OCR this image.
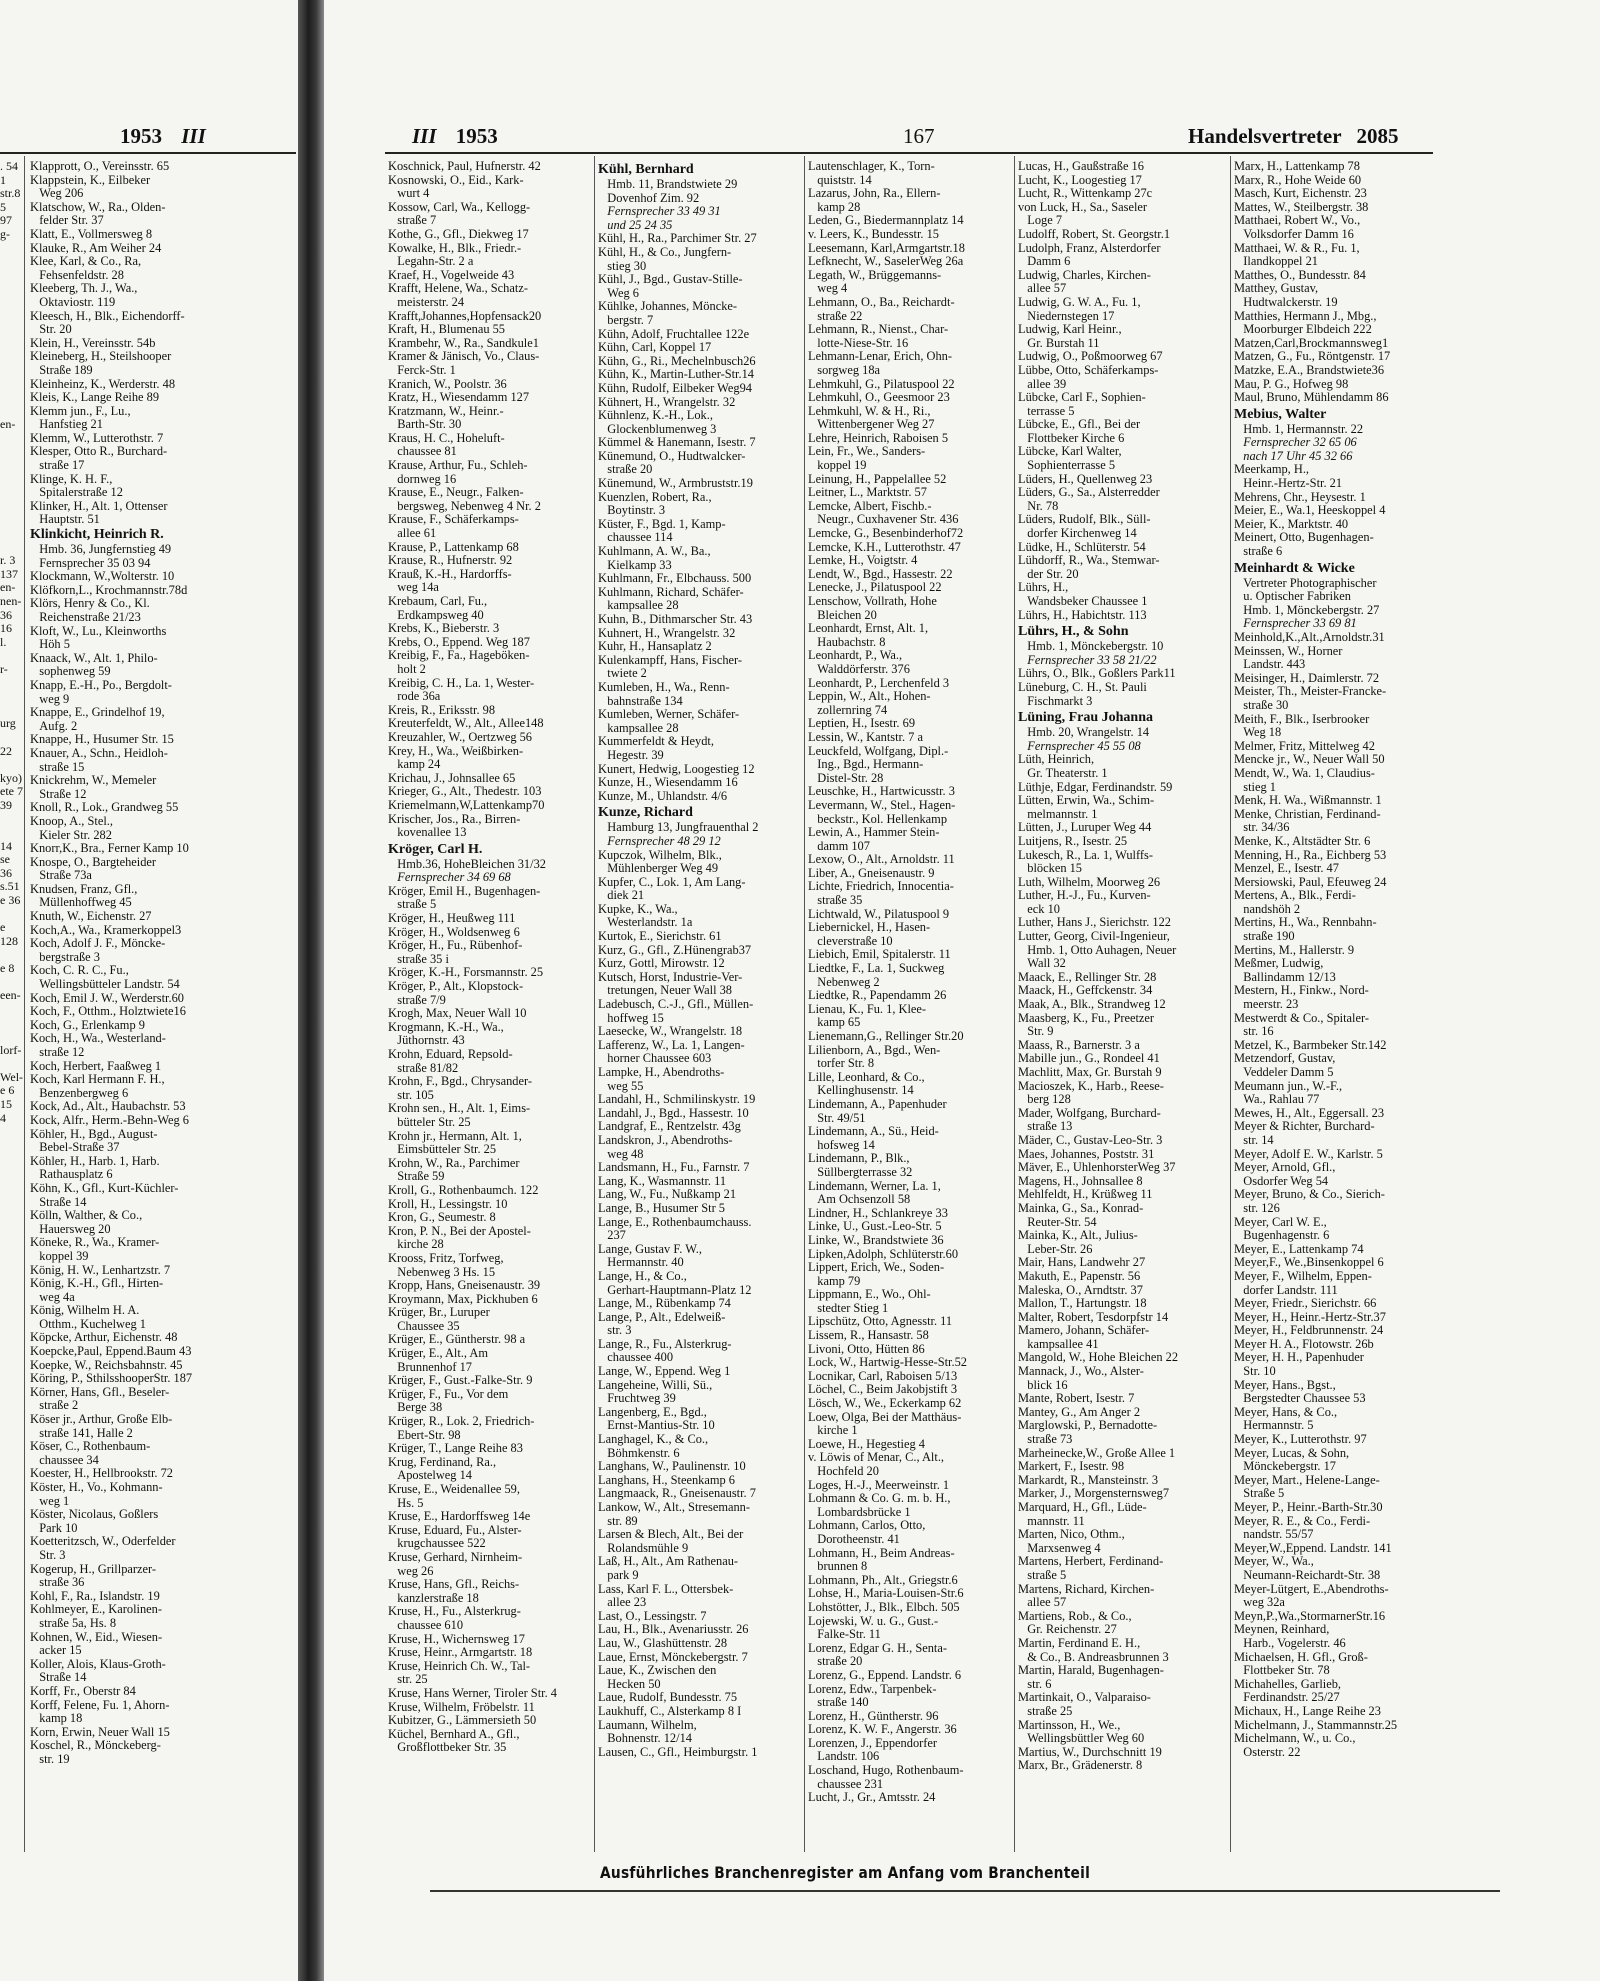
1953 III
Klapprott, O., Vereinsstr. 65
Klappstein, K., Eilbeker
Weg 206
Klatschow, W., Ra., Olden-
felder Str. 37
Klatt, E., Vollmersweg 8
Klauke, R., Am Weiher 24
Klee, Karl, & Co., Ra,
Fehsenfeldstr. 28
Kleeberg, Th. J., Wa.,
Oktaviostr. 119
Kleesch, H., Blk., Eichendorff-
Str. 20
Klein, H., Vereinsstr. 54b
Kleineberg, H., Steilshooper
Straße 189
Kleinheinz, K., Werderstr. 48
Kleis, K., Lange Reihe 89
Klemm jun., F., Lu.,
Hanfstieg 21
Klemm, W., Lutterothstr. 7
Klesper, Otto R., Burchard-
straße 17
Klinge, K. H. F.,
Spitalerstraße 12
Klinker, H., Alt. 1, Ottenser
Hauptstr. 51
Klinkicht, Heinrich R.
Hmb. 36, Jungfernstieg 49
Fernsprecher 35 03 94
Klockmann, W.,Wolterstr. 10
Klöfkorn,L., Krochmannstr.78d
Klörs, Henry & Co., Kl.
Reichenstraße 21/23
Kloft, W., Lu., Kleinworths
Höh 5
Knaack, W., Alt. 1, Philo-
sophenweg 59
Knapp, E.-H., Po., Bergdolt-
weg 9
Knappe, E., Grindelhof 19,
Aufg. 2
Knappe, H., Husumer Str. 15
Knauer, A., Schn., Heidloh-
straße 15
Knickrehm, W., Memeler
Straße 12
Knoll, R., Lok., Grandweg 55
Knoop, A., Stel.,
Kieler Str. 282
Knorr,K., Bra., Ferner Kamp 10
Knospe, O., Bargteheider
Straße 73a
Knudsen, Franz, Gfl.,
Müllenhoffweg 45
Knuth, W., Eichenstr. 27
Koch,A., Wa., Kramerkoppel3
Koch, Adolf J. F., Möncke-
bergstraße 3
Koch, C. R. C., Fu.,
Wellingsbütteler Landstr. 54
Koch, Emil J. W., Werderstr.60
Koch, F., Otthm., Holztwiete16
Koch, G., Erlenkamp 9
Koch, H., Wa., Westerland-
straße 12
Koch, Herbert, Faaßweg 1
Koch, Karl Hermann F. H.,
Benzenbergweg 6
Kock, Ad., Alt., Haubachstr. 53
Kock, Alfr., Herm.-Behn-Weg 6
Köhler, H., Bgd., August-
Bebel-Straße 37
Köhler, H., Harb. 1, Harb.
Rathausplatz 6
Köhn, K., Gfl., Kurt-Küchler-
Straße 14
Kölln, Walther, & Co.,
Hauersweg 20
Köneke, R., Wa., Kramer-
koppel 39
König, H. W., Lenhartzstr. 7
König, K.-H., Gfl., Hirten-
weg 4a
König, Wilhelm H. A.
Otthm., Kuchelweg 1
Köpcke, Arthur, Eichenstr. 48
Koepcke,Paul, Eppend.Baum 43
Koepke, W., Reichsbahnstr. 45
Köring, P., SthilsshooperStr. 187
Körner, Hans, Gfl., Beseler-
straße 2
Köser jr., Arthur, Große Elb-
straße 141, Halle 2
Köser, C., Rothenbaum-
chaussee 34
Koester, H., Hellbrookstr. 72
Köster, H., Vo., Kohmann-
weg 1
Köster, Nicolaus, Goßlers
Park 10
Koetteritzsch, W., Oderfelder
Str. 3
Kogerup, H., Grillparzer-
straße 36
Kohl, F., Ra., Islandstr. 19
Kohlmeyer, E., Karolinen-
straße 5a, Hs. 8
Kohnen, W., Eid., Wiesen-
acker 15
Koller, Alois, Klaus-Groth-
Straße 14
Korff, Fr., Oberstr 84
Korff, Felene, Fu. 1, Ahorn-
kamp 18
Korn, Erwin, Neuer Wall 15
Koschel, R., Mönckeberg-
str. 19
. 54
1
str.8
5
97
g-

en-

r. 3
137
en-
nen-
36
16
l.

r-

urg

22

kyo)
ete 7
39

14
se 36
s.51
e 36

e 128

e 8

een-

lorf-

Wel-
e 6
15
4
III 1953	167	Handelsvertreter 2085
Koschnick, Paul, Hufnerstr. 42
Kosnowski, O., Eid., Kark-
wurt 4
Kossow, Carl, Wa., Kellogg-
straße 7
Kothe, G., Gfl., Diekweg 17
Kowalke, H., Blk., Friedr.-
Legahn-Str. 2 a
Kraef, H., Vogelweide 43
Krafft, Helene, Wa., Schatz-
meisterstr. 24
Krafft,Johannes,Hopfensack20
Kraft, H., Blumenau 55
Krambehr, W., Ra., Sandkule1
Kramer & Jänisch, Vo., Claus-
Ferck-Str. 1
Kranich, W., Poolstr. 36
Kratz, H., Wiesendamm 127
Kratzmann, W., Heinr.-
Barth-Str. 30
Kraus, H. C., Hoheluft-
chaussee 81
Krause, Arthur, Fu., Schleh-
dornweg 16
Krause, E., Neugr., Falken-
bergsweg, Nebenweg 4 Nr. 2
Krause, F., Schäferkamps-
allee 61
Krause, P., Lattenkamp 68
Krause, R., Hufnerstr. 92
Krauß, K.-H., Hardorffs-
weg 14a
Krebaum, Carl, Fu.,
Erdkampsweg 40
Krebs, K., Bieberstr. 3
Krebs, O., Eppend. Weg 187
Kreibig, F., Fa., Hageböken-
holt 2
Kreibig, C. H., La. 1, Wester-
rode 36a
Kreis, R., Eriksstr. 98
Kreuterfeldt, W., Alt., Allee148
Kreuzahler, W., Oertzweg 56
Krey, H., Wa., Weißbirken-
kamp 24
Krichau, J., Johnsallee 65
Krieger, G., Alt., Thedestr. 103
Kriemelmann,W,Lattenkamp70
Krischer, Jos., Ra., Birren-
kovenallee 13
Kröger, Carl H.
Hmb.36, HoheBleichen 31/32
Fernsprecher 34 69 68
Kröger, Emil H., Bugenhagen-
straße 5
Kröger, H., Heußweg 111
Kröger, H., Woldsenweg 6
Kröger, H., Fu., Rübenhof-
straße 35 i
Kröger, K.-H., Forsmannstr. 25
Kröger, P., Alt., Klopstock-
straße 7/9
Krogh, Max, Neuer Wall 10
Krogmann, K.-H., Wa.,
Jüthornstr. 43
Krohn, Eduard, Repsold-
straße 81/82
Krohn, F., Bgd., Chrysander-
str. 105
Krohn sen., H., Alt. 1, Eims-
bütteler Str. 25
Krohn jr., Hermann, Alt. 1,
Eimsbütteler Str. 25
Krohn, W., Ra., Parchimer
Straße 59
Kroll, G., Rothenbaumch. 122
Kroll, H., Lessingstr. 10
Kron, G., Seumestr. 8
Kron, P. N., Bei der Apostel-
kirche 28
Krooss, Fritz, Torfweg,
Nebenweg 3 Hs. 15
Kropp, Hans, Gneisenaustr. 39
Kroymann, Max, Pickhuben 6
Krüger, Br., Luruper
Chaussee 35
Krüger, E., Güntherstr. 98 a
Krüger, E., Alt., Am
Brunnenhof 17
Krüger, F., Gust.-Falke-Str. 9
Krüger, F., Fu., Vor dem
Berge 38
Krüger, R., Lok. 2, Friedrich-
Ebert-Str. 98
Krüger, T., Lange Reihe 83
Krug, Ferdinand, Ra.,
Apostelweg 14
Kruse, E., Weidenallee 59,
Hs. 5
Kruse, E., Hardorffsweg 14e
Kruse, Eduard, Fu., Alster-
krugchaussee 522
Kruse, Gerhard, Nirnheim-
weg 26
Kruse, Hans, Gfl., Reichs-
kanzlerstraße 18
Kruse, H., Fu., Alsterkrug-
chaussee 610
Kruse, H., Wichernsweg 17
Kruse, Heinr., Armgartstr. 18
Kruse, Heinrich Ch. W., Tal-
str. 25
Kruse, Hans Werner, Tiroler Str. 4
Kruse, Wilhelm, Fröbelstr. 11
Kubitzer, G., Lämmersieth 50
Küchel, Bernhard A., Gfl.,
Großflottbeker Str. 35
Kühl, Bernhard
Hmb. 11, Brandstwiete 29
Dovenhof Zim. 92
Fernsprecher 33 49 31
und 25 24 35
Kühl, H., Ra., Parchimer Str. 27
Kühl, H., & Co., Jungfern-
stieg 30
Kühl, J., Bgd., Gustav-Stille-
Weg 6
Kühlke, Johannes, Möncke-
bergstr. 7
Kühn, Adolf, Fruchtallee 122e
Kühn, Carl, Koppel 17
Kühn, G., Ri., Mechelnbusch26
Kühn, K., Martin-Luther-Str.14
Kühn, Rudolf, Eilbeker Weg94
Kühnert, H., Wrangelstr. 32
Kühnlenz, K.-H., Lok.,
Glockenblumenweg 3
Kümmel & Hanemann, Isestr. 7
Künemund, O., Hudtwalcker-
straße 20
Künemund, W., Armbruststr.19
Kuenzlen, Robert, Ra.,
Boytinstr. 3
Küster, F., Bgd. 1, Kamp-
chaussee 114
Kuhlmann, A. W., Ba.,
Kielkamp 33
Kuhlmann, Fr., Elbchauss. 500
Kuhlmann, Richard, Schäfer-
kampsallee 28
Kuhn, B., Dithmarscher Str. 43
Kuhnert, H., Wrangelstr. 32
Kuhr, H., Hansaplatz 2
Kulenkampff, Hans, Fischer-
twiete 2
Kumleben, H., Wa., Renn-
bahnstraße 134
Kumleben, Werner, Schäfer-
kampsallee 28
Kummerfeldt & Heydt,
Hegestr. 39
Kunert, Hedwig, Loogestieg 12
Kunze, H., Wiesendamm 16
Kunze, M., Uhlandstr. 4/6
Kunze, Richard
Hamburg 13, Jungfrauenthal 2
Fernsprecher 48 29 12
Kupczok, Wilhelm, Blk.,
Mühlenberger Weg 49
Kupfer, C., Lok. 1, Am Lang-
diek 21
Kupke, K., Wa.,
Westerlandstr. 1a
Kurtok, E., Sierichstr. 61
Kurz, G., Gfl., Z.Hünengrab37
Kurz, Gottl, Mirowstr. 12
Kutsch, Horst, Industrie-Ver-
tretungen, Neuer Wall 38
Ladebusch, C.-J., Gfl., Müllen-
hoffweg 15
Laesecke, W., Wrangelstr. 18
Lafferenz, W., La. 1, Langen-
horner Chaussee 603
Lampke, H., Abendroths-
weg 55
Landahl, H., Schmilinskystr. 19
Landahl, J., Bgd., Hassestr. 10
Landgraf, E., Rentzelstr. 43g
Landskron, J., Abendroths-
weg 48
Landsmann, H., Fu., Farnstr. 7
Lang, K., Wasmannstr. 11
Lang, W., Fu., Nußkamp 21
Lange, B., Husumer Str 5
Lange, E., Rothenbaumchauss.
237
Lange, Gustav F. W.,
Hermannstr. 40
Lange, H., & Co.,
Gerhart-Hauptmann-Platz 12
Lange, M., Rübenkamp 74
Lange, P., Alt., Edelweiß-
str. 3
Lange, R., Fu., Alsterkrug-
chaussee 400
Lange, W., Eppend. Weg 1
Langeheine, Willi, Sü.,
Fruchtweg 39
Langenberg, E., Bgd.,
Ernst-Mantius-Str. 10
Langhagel, K., & Co.,
Böhmkenstr. 6
Langhans, W., Paulinenstr. 10
Langhans, H., Steenkamp 6
Langmaack, R., Gneisenaustr. 7
Lankow, W., Alt., Stresemann-
str. 89
Larsen & Blech, Alt., Bei der
Rolandsmühle 9
Laß, H., Alt., Am Rathenau-
park 9
Lass, Karl F. L., Ottersbek-
allee 23
Last, O., Lessingstr. 7
Lau, H., Blk., Avenariusstr. 26
Lau, W., Glashüttenstr. 28
Laue, Ernst, Mönckebergstr. 7
Laue, K., Zwischen den
Hecken 50
Laue, Rudolf, Bundesstr. 75
Laukhuff, C., Alsterkamp 8 I
Laumann, Wilhelm,
Bohnenstr. 12/14
Lausen, C., Gfl., Heimburgstr. 1
Lautenschlager, K., Torn-
quiststr. 14
Lazarus, John, Ra., Ellern-
kamp 28
Leden, G., Biedermannplatz 14
v. Leers, K., Bundesstr. 15
Leesemann, Karl,Armgartstr.18
Lefknecht, W., SaselerWeg 26a
Legath, W., Brüggemanns-
weg 4
Lehmann, O., Ba., Reichardt-
straße 22
Lehmann, R., Nienst., Char-
lotte-Niese-Str. 16
Lehmann-Lenar, Erich, Ohn-
sorgweg 18a
Lehmkuhl, G., Pilatuspool 22
Lehmkuhl, O., Geesmoor 23
Lehmkuhl, W. & H., Ri.,
Wittenbergener Weg 27
Lehre, Heinrich, Raboisen 5
Lein, Fr., We., Sanders-
koppel 19
Leinung, H., Pappelallee 52
Leitner, L., Marktstr. 57
Lemcke, Albert, Fischb.-
Neugr., Cuxhavener Str. 436
Lemcke, G., Besenbinderhof72
Lemcke, K.H., Lutterothstr. 47
Lemke, H., Voigtstr. 4
Lendt, W., Bgd., Hassestr. 22
Lenecke, J., Pilatuspool 22
Lenschow, Vollrath, Hohe
Bleichen 20
Leonhardt, Ernst, Alt. 1,
Haubachstr. 8
Leonhardt, P., Wa.,
Walddörferstr. 376
Leonhardt, P., Lerchenfeld 3
Leppin, W., Alt., Hohen-
zollernring 74
Leptien, H., Isestr. 69
Lessin, W., Kantstr. 7 a
Leuckfeld, Wolfgang, Dipl.-
Ing., Bgd., Hermann-
Distel-Str. 28
Leuschke, H., Hartwicusstr. 3
Levermann, W., Stel., Hagen-
beckstr., Kol. Hellenkamp
Lewin, A., Hammer Stein-
damm 107
Lexow, O., Alt., Arnoldstr. 11
Liber, A., Gneisenaustr. 9
Lichte, Friedrich, Innocentia-
straße 35
Lichtwald, W., Pilatuspool 9
Liebernickel, H., Hasen-
cleverstraße 10
Liebich, Emil, Spitalerstr. 11
Liedtke, F., La. 1, Suckweg
Nebenweg 2
Liedtke, R., Papendamm 26
Lienau, K., Fu. 1, Klee-
kamp 65
Lienemann,G., Rellinger Str.20
Lilienborn, A., Bgd., Wen-
torfer Str. 8
Lille, Leonhard, & Co.,
Kellinghusenstr. 14
Lindemann, A., Papenhuder
Str. 49/51
Lindemann, A., Sü., Heid-
hofsweg 14
Lindemann, P., Blk.,
Süllbergterrasse 32
Lindemann, Werner, La. 1,
Am Ochsenzoll 58
Lindner, H., Schlankreye 33
Linke, U., Gust.-Leo-Str. 5
Linke, W., Brandstwiete 36
Lipken,Adolph, Schlüterstr.60
Lippert, Erich, We., Soden-
kamp 79
Lippmann, E., Wo., Ohl-
stedter Stieg 1
Lipschütz, Otto, Agnesstr. 11
Lissem, R., Hansastr. 58
Livoni, Otto, Hütten 86
Lock, W., Hartwig-Hesse-Str.52
Locnikar, Carl, Raboisen 5/13
Löchel, C., Beim Jakobjstift 3
Lösch, W., We., Eckerkamp 62
Loew, Olga, Bei der Matthäus-
kirche 1
Loewe, H., Hegestieg 4
v. Löwis of Menar, C., Alt.,
Hochfeld 20
Loges, H.-J., Meerweinstr. 1
Lohmann & Co. G. m. b. H.,
Lombardsbrücke 1
Lohmann, Carlos, Otto,
Dorotheenstr. 41
Lohmann, H., Beim Andreas-
brunnen 8
Lohmann, Ph., Alt., Griegstr.6
Lohse, H., Maria-Louisen-Str.6
Lohstötter, J., Blk., Elbch. 505
Lojewski, W. u. G., Gust.-
Falke-Str. 11
Lorenz, Edgar G. H., Senta-
straße 20
Lorenz, G., Eppend. Landstr. 6
Lorenz, Edw., Tarpenbek-
straße 140
Lorenz, H., Güntherstr. 96
Lorenz, K. W. F., Angerstr. 36
Lorenzen, J., Eppendorfer
Landstr. 106
Loschand, Hugo, Rothenbaum-
chaussee 231
Lucht, J., Gr., Amtsstr. 24
Lucas, H., Gaußstraße 16
Lucht, K., Loogestieg 17
Lucht, R., Wittenkamp 27c
von Luck, H., Sa., Saseler
Loge 7
Ludolff, Robert, St. Georgstr.1
Ludolph, Franz, Alsterdorfer
Damm 6
Ludwig, Charles, Kirchen-
allee 57
Ludwig, G. W. A., Fu. 1,
Niedernstegen 17
Ludwig, Karl Heinr.,
Gr. Burstah 11
Ludwig, O., Poßmoorweg 67
Lübbe, Otto, Schäferkamps-
allee 39
Lübcke, Carl F., Sophien-
terrasse 5
Lübcke, E., Gfl., Bei der
Flottbeker Kirche 6
Lübcke, Karl Walter,
Sophienterrasse 5
Lüders, H., Quellenweg 23
Lüders, G., Sa., Alsterredder
Nr. 78
Lüders, Rudolf, Blk., Süll-
dorfer Kirchenweg 14
Lüdke, H., Schlüterstr. 54
Lühdorff, R., Wa., Stemwar-
der Str. 20
Lührs, H.,
Wandsbeker Chaussee 1
Lührs, H., Habichtstr. 113
Lührs, H., & Sohn
Hmb. 1, Mönckebergstr. 10
Fernsprecher 33 58 21/22
Lührs, O., Blk., Goßlers Park11
Lüneburg, C. H., St. Pauli
Fischmarkt 3
Lüning, Frau Johanna
Hmb. 20, Wrangelstr. 14
Fernsprecher 45 55 08
Lüth, Heinrich,
Gr. Theaterstr. 1
Lüthje, Edgar, Ferdinandstr. 59
Lütten, Erwin, Wa., Schim-
melmannstr. 1
Lütten, J., Luruper Weg 44
Luitjens, R., Isestr. 25
Lukesch, R., La. 1, Wulffs-
blöcken 15
Luth, Wilhelm, Moorweg 26
Luther, H.-J., Fu., Kurven-
eck 10
Luther, Hans J., Sierichstr. 122
Lutter, Georg, Civil-Ingenieur,
Hmb. 1, Otto Auhagen, Neuer
Wall 32
Maack, E., Rellinger Str. 28
Maack, H., Geffckenstr. 34
Maak, A., Blk., Strandweg 12
Maasberg, K., Fu., Preetzer
Str. 9
Maass, R., Barnerstr. 3 a
Mabille jun., G., Rondeel 41
Machlitt, Max, Gr. Burstah 9
Macioszek, K., Harb., Reese-
berg 128
Mader, Wolfgang, Burchard-
straße 13
Mäder, C., Gustav-Leo-Str. 3
Maes, Johannes, Poststr. 31
Mäver, E., UhlenhorsterWeg 37
Magens, H., Johnsallee 8
Mehlfeldt, H., Krüßweg 11
Mainka, G., Sa., Konrad-
Reuter-Str. 54
Mainka, K., Alt., Julius-
Leber-Str. 26
Mair, Hans, Landwehr 27
Makuth, E., Papenstr. 56
Maleska, O., Arndtstr. 37
Mallon, T., Hartungstr. 18
Malter, Robert, Tesdorpfstr 14
Mamero, Johann, Schäfer-
kampsallee 41
Mangold, W., Hohe Bleichen 22
Mannack, J., Wo., Alster-
blick 16
Mante, Robert, Isestr. 7
Mantey, G., Am Anger 2
Marglowski, P., Bernadotte-
straße 73
Marheinecke,W., Große Allee 1
Markert, F., Isestr. 98
Markardt, R., Mansteinstr. 3
Marker, J., Morgensternsweg7
Marquard, H., Gfl., Lüde-
mannstr. 11
Marten, Nico, Othm.,
Marxsenweg 4
Martens, Herbert, Ferdinand-
straße 5
Martens, Richard, Kirchen-
allee 57
Martiens, Rob., & Co.,
Gr. Reichenstr. 27
Martin, Ferdinand E. H.,
& Co., B. Andreasbrunnen 3
Martin, Harald, Bugenhagen-
str. 6
Martinkait, O., Valparaiso-
straße 25
Martinsson, H., We.,
Wellingsbüttler Weg 60
Martius, W., Durchschnitt 19
Marx, Br., Grädenerstr. 8
Marx, H., Lattenkamp 78
Marx, R., Hohe Weide 60
Masch, Kurt, Eichenstr. 23
Mattes, W., Steilbergstr. 38
Matthaei, Robert W., Vo.,
Volksdorfer Damm 16
Matthaei, W. & R., Fu. 1,
Ilandkoppel 21
Matthes, O., Bundesstr. 84
Matthey, Gustav,
Hudtwalckerstr. 19
Matthies, Hermann J., Mbg.,
Moorburger Elbdeich 222
Matzen,Carl,Brockmannsweg1
Matzen, G., Fu., Röntgenstr. 17
Matzke, E.A., Brandstwiete36
Mau, P. G., Hofweg 98
Maul, Bruno, Mühlendamm 86
Mebius, Walter
Hmb. 1, Hermannstr. 22
Fernsprecher 32 65 06
nach 17 Uhr 45 32 66
Meerkamp, H.,
Heinr.-Hertz-Str. 21
Mehrens, Chr., Heysestr. 1
Meier, E., Wa.1, Heeskoppel 4
Meier, K., Marktstr. 40
Meinert, Otto, Bugenhagen-
straße 6
Meinhardt & Wicke
Vertreter Photographischer
u. Optischer Fabriken
Hmb. 1, Mönckebergstr. 27
Fernsprecher 33 69 81
Meinhold,K.,Alt.,Arnoldstr.31
Meinssen, W., Horner
Landstr. 443
Meisinger, H., Daimlerstr. 72
Meister, Th., Meister-Francke-
straße 30
Meith, F., Blk., Iserbrooker
Weg 18
Melmer, Fritz, Mittelweg 42
Mencke jr., W., Neuer Wall 50
Mendt, W., Wa. 1, Claudius-
stieg 1
Menk, H. Wa., Wißmannstr. 1
Menke, Christian, Ferdinand-
str. 34/36
Menke, K., Altstädter Str. 6
Menning, H., Ra., Eichberg 53
Menzel, E., Isestr. 47
Mersiowski, Paul, Efeuweg 24
Mertens, A., Blk., Ferdi-
nandshöh 2
Mertins, H., Wa., Rennbahn-
straße 190
Mertins, M., Hallerstr. 9
Meßmer, Ludwig,
Ballindamm 12/13
Mestern, H., Finkw., Nord-
meerstr. 23
Mestwerdt & Co., Spitaler-
str. 16
Metzel, K., Barmbeker Str.142
Metzendorf, Gustav,
Veddeler Damm 5
Meumann jun., W.-F.,
Wa., Rahlau 77
Mewes, H., Alt., Eggersall. 23
Meyer & Richter, Burchard-
str. 14
Meyer, Adolf E. W., Karlstr. 5
Meyer, Arnold, Gfl.,
Osdorfer Weg 54
Meyer, Bruno, & Co., Sierich-
str. 126
Meyer, Carl W. E.,
Bugenhagenstr. 6
Meyer, E., Lattenkamp 74
Meyer,F., We.,Binsenkoppel 6
Meyer, F., Wilhelm, Eppen-
dorfer Landstr. 111
Meyer, Friedr., Sierichstr. 66
Meyer, H., Heinr.-Hertz-Str.37
Meyer, H., Feldbrunnenstr. 24
Meyer H. A., Flotowstr. 26b
Meyer, H. H., Papenhuder
Str. 10
Meyer, Hans., Bgst.,
Bergstedter Chaussee 53
Meyer, Hans, & Co.,
Hermannstr. 5
Meyer, K., Lutterothstr. 97
Meyer, Lucas, & Sohn,
Mönckebergstr. 17
Meyer, Mart., Helene-Lange-
Straße 5
Meyer, P., Heinr.-Barth-Str.30
Meyer, R. E., & Co., Ferdi-
nandstr. 55/57
Meyer,W.,Eppend. Landstr. 141
Meyer, W., Wa.,
Neumann-Reichardt-Str. 38
Meyer-Lütgert, E.,Abendroths-
weg 32a
Meyn,P.,Wa.,StormarnerStr.16
Meynen, Reinhard,
Harb., Vogelerstr. 46
Michaelsen, H. Gfl., Groß-
Flottbeker Str. 78
Michahelles, Garlieb,
Ferdinandstr. 25/27
Michaux, H., Lange Reihe 23
Michelmann, J., Stammannstr.25
Michelmann, W., u. Co.,
Osterstr. 22
Ausführliches Branchenregister am Anfang vom Branchenteil
